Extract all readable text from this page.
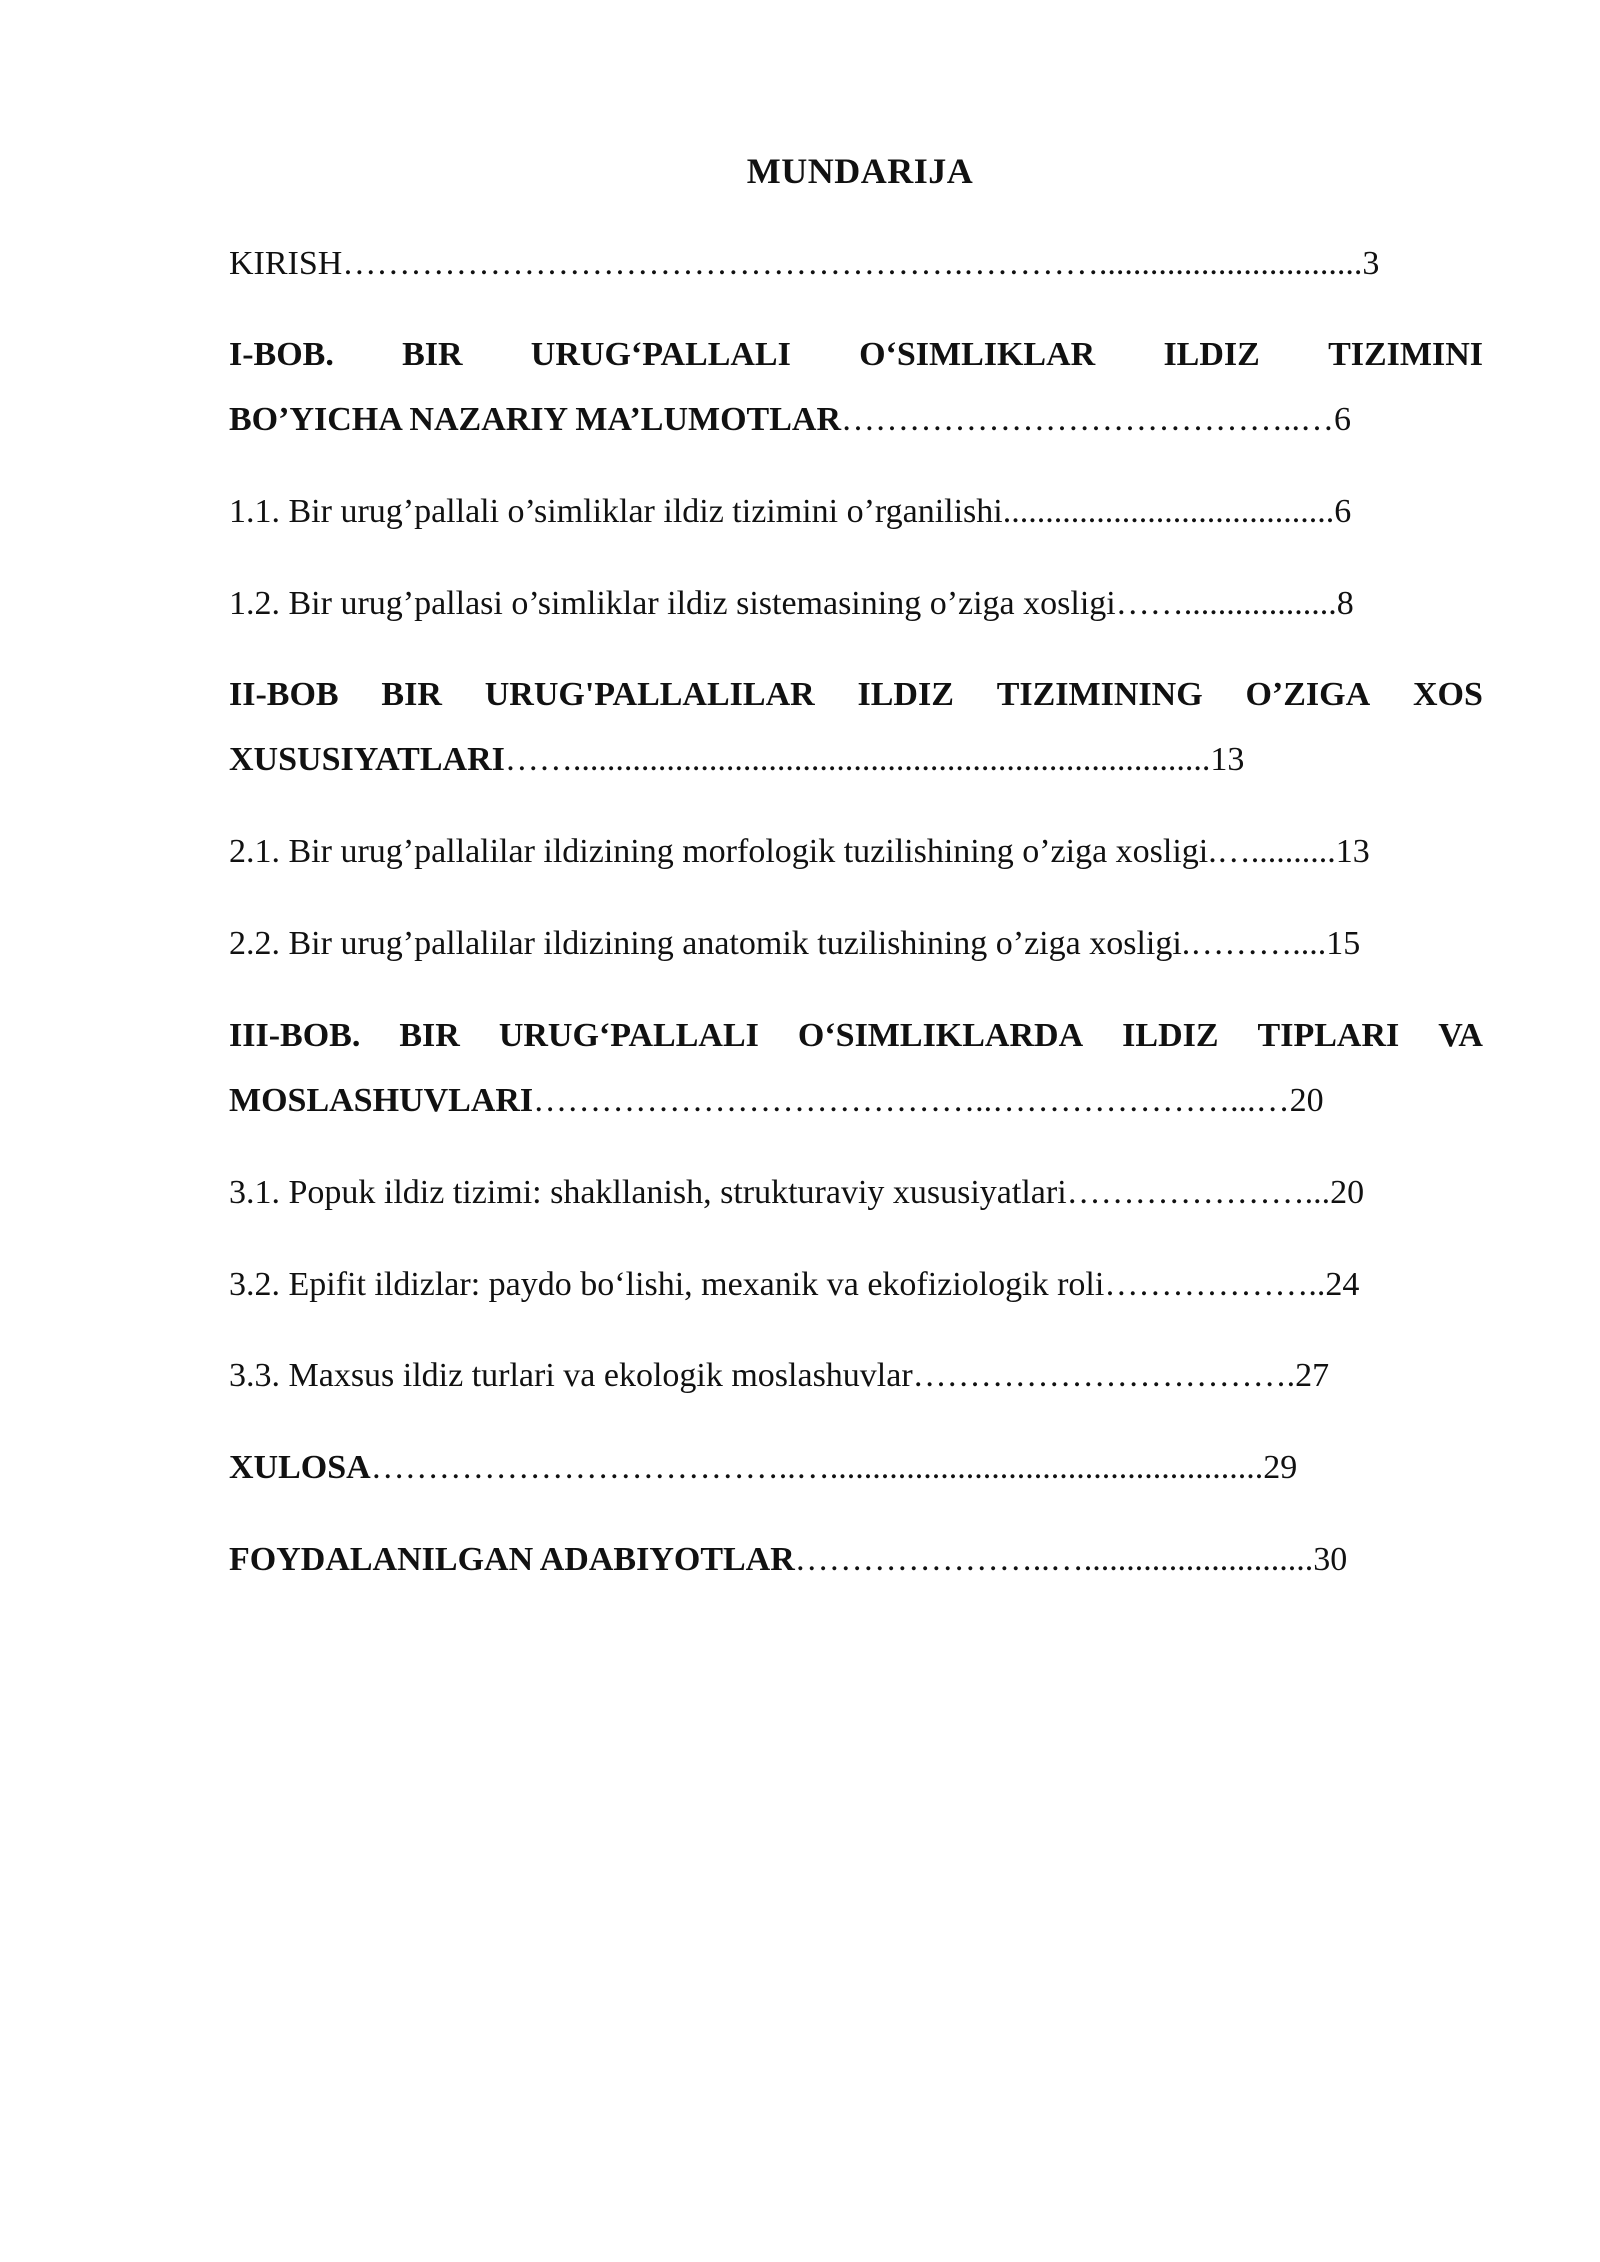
MUNDARIJA
KIRISH……………………………………………….…………...............................3
I-BOB. BIR URUG‘PALLALI O‘SIMLIKLAR ILDIZ TIZIMINI
BO’YICHA NAZARIY MA’LUMOTLAR…………………………………..…6
1.1. Bir urug’pallali o’simliklar ildiz tizimini o’rganilishi.......................................6
1.2. Bir urug’pallasi o’simliklar ildiz sistemasining o’ziga xosligi……..................8
II-BOB BIR URUG'PALLALILAR ILDIZ TIZIMINING O’ZIGA XOS
XUSUSIYATLARI……...........................................................................13
2.1. Bir urug’pallalilar ildizining morfologik tuzilishining o’ziga xosligi.…..........13
2.2. Bir urug’pallalilar ildizining anatomik tuzilishining o’ziga xosligi.………....15
III-BOB. BIR URUG‘PALLALI O‘SIMLIKLARDA ILDIZ TIPLARI VA
MOSLASHUVLARI…………………………………..…………………...…20
3.1. Popuk ildiz tizimi: shakllanish, strukturaviy xususiyatlari…………………...20
3.2. Epifit ildizlar: paydo bo‘lishi, mexanik va ekofiziologik roli………………..24
3.3. Maxsus ildiz turlari va ekologik moslashuvlar…………………………….27
XULOSA………………………………..…...................................................29
FOYDALANILGAN ADABIYOTLAR…………………..…...........................30
